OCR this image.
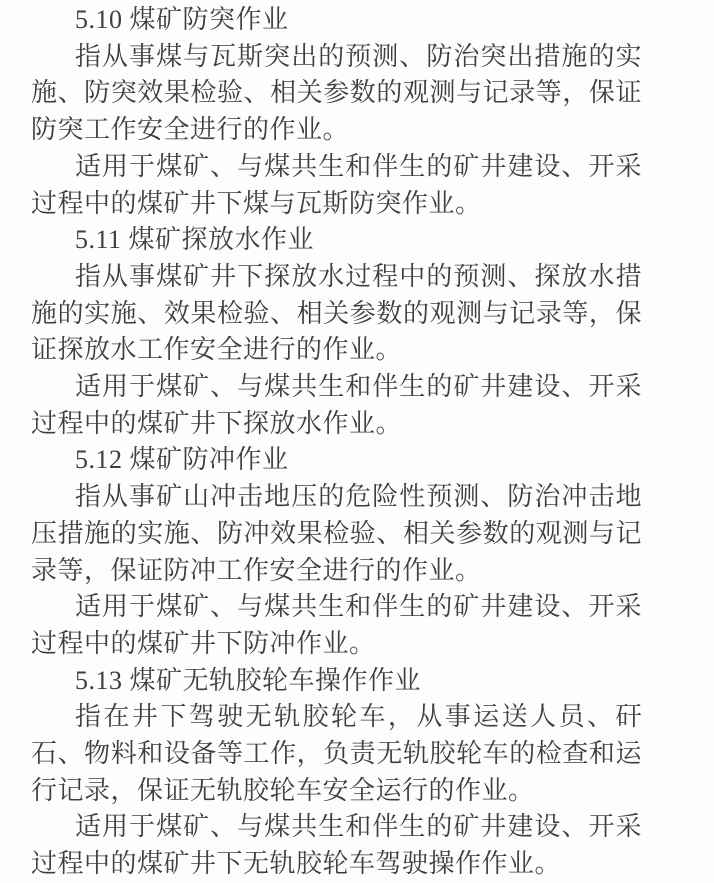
5.10 煤矿防突作业

指从事煤与瓦斯突出的预测、防治突出措施的实施、防突效果检验、相关参数的观测与记录等，保证防突工作安全进行的作业。

适用于煤矿、与煤共生和伴生的矿井建设、开采过程中的煤矿井下煤与瓦斯防突作业。

5.11 煤矿探放水作业

指从事煤矿井下探放水过程中的预测、探放水措施的实施、效果检验、相关参数的观测与记录等，保证探放水工作安全进行的作业。

适用于煤矿、与煤共生和伴生的矿井建设、开采过程中的煤矿井下探放水作业。

5.12 煤矿防冲作业

指从事矿山冲击地压的危险性预测、防治冲击地压措施的实施、防冲效果检验、相关参数的观测与记录等，保证防冲工作安全进行的作业。

适用于煤矿、与煤共生和伴生的矿井建设、开采过程中的煤矿井下防冲作业。

5.13 煤矿无轨胶轮车操作作业

指在井下驾驶无轨胶轮车，从事运送人员、矸石、物料和设备等工作，负责无轨胶轮车的检查和运行记录，保证无轨胶轮车安全运行的作业。

适用于煤矿、与煤共生和伴生的矿井建设、开采过程中的煤矿井下无轨胶轮车驾驶操作作业。
